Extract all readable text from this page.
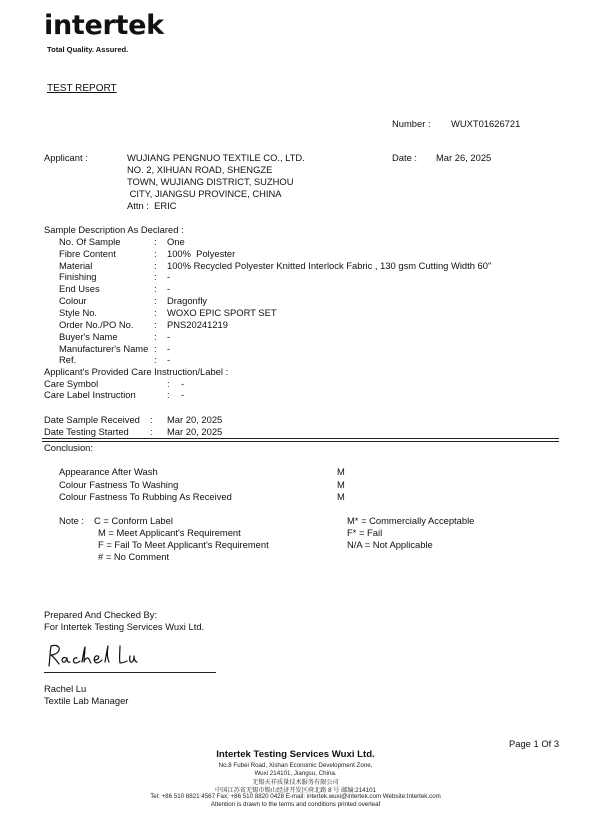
intertek
Total Quality. Assured.
TEST REPORT
Number : WUXT01626721
Applicant :	WUJIANG PENGNUO TEXTILE CO., LTD.
NO. 2, XIHUAN ROAD, SHENGZE
TOWN, WUJIANG DISTRICT, SUZHOU
CITY, JIANGSU PROVINCE, CHINA
Attn :  ERIC
Date : Mar 26, 2025
Sample Description As Declared :
No. Of Sample	: One
Fibre Content	: 100%  Polyester
Material	: 100% Recycled Polyester Knitted Interlock Fabric , 130 gsm Cutting Width 60"
Finishing	: -
End Uses	: -
Colour	: Dragonfly
Style No.	: WOXO EPIC SPORT SET
Order No./PO No. : PNS20241219
Buyer's Name	: -
Manufacturer's Name : -
Ref.	: -
Applicant's Provided Care Instruction/Label :
Care Symbol	: -
Care Label Instruction	: -
Date Sample Received : Mar 20, 2025
Date Testing Started : Mar 20, 2025
Conclusion:
Appearance After Wash	M
Colour Fastness To Washing	M
Colour Fastness To Rubbing As Received	M
Note : C = Conform Label
M = Meet Applicant's Requirement
F = Fail To Meet Applicant's Requirement
# = No Comment
M* = Commercially Acceptable
F* = Fail
N/A = Not Applicable
Prepared And Checked By:
For Intertek Testing Services Wuxi Ltd.
Rachel Lu
Textile Lab Manager
Page 1 Of 3
Intertek Testing Services Wuxi Ltd.
No.8 Fubei Road, Xishan Economic Development Zone,
Wuxi 214101, Jiangsu, China.
无锡天祥质量技术服务有限公司
中国江苏省无锡市锡山经济开发区府北路 8 号 邮编:214101
Tel: +86 510 8821 4567 Fax: +86 510 8820 0428 E-mail: intertek.wuxi@intertek.com Website:Intertek.com
Attention is drawn to the terms and conditions printed overleaf
